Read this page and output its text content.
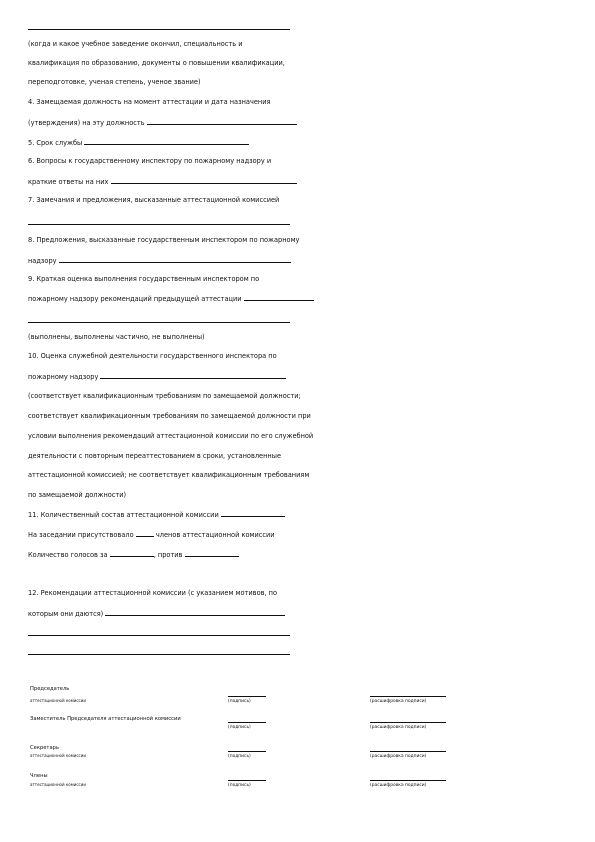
(когда и какое учебное заведение окончил, специальность и
квалификация по образованию, документы о повышении квалификации,
переподготовке, ученая степень, ученое звание)
4. Замещаемая должность на момент аттестации и дата назначения
(утверждения) на эту должность
5. Срок службы
6. Вопросы к государственному инспектору по пожарному надзору и
краткие ответы на них
7. Замечания и предложения, высказанные аттестационной комиссией
8. Предложения, высказанные государственным инспектором по пожарному
надзору
9. Краткая оценка выполнения государственным инспектором по
пожарному надзору рекомендаций предыдущей аттестации
(выполнены, выполнены частично, не выполнены)
10. Оценка служебной деятельности государственного инспектора по
пожарному надзору
(соответствует квалификационным требованиям по замещаемой должности;
соответствует квалификационным требованиям по замещаемой должности при
условии выполнения рекомендаций аттестационной комиссии по его служебной
деятельности с повторным переаттестованием в сроки, установленные
аттестационной комиссией; не соответствует квалификационным требованиям
по замещаемой должности)
11. Количественный состав аттестационной комиссии
На заседании присутствовало	членов аттестационной комиссии
Количество голосов за	, против
12. Рекомендации аттестационной комиссии (с указанием мотивов, по
которым они даются)
Председатель
аттестационной комиссии	(подпись)	(расшифровка подписи)
Заместитель Председателя аттестационной комиссии
(подпись)	(расшифровка подписи)
Секретарь
аттестационной комиссии	(подпись)	(расшифровка подписи)
Члены
аттестационной комиссии	(подпись)	(расшифровка подписи)
